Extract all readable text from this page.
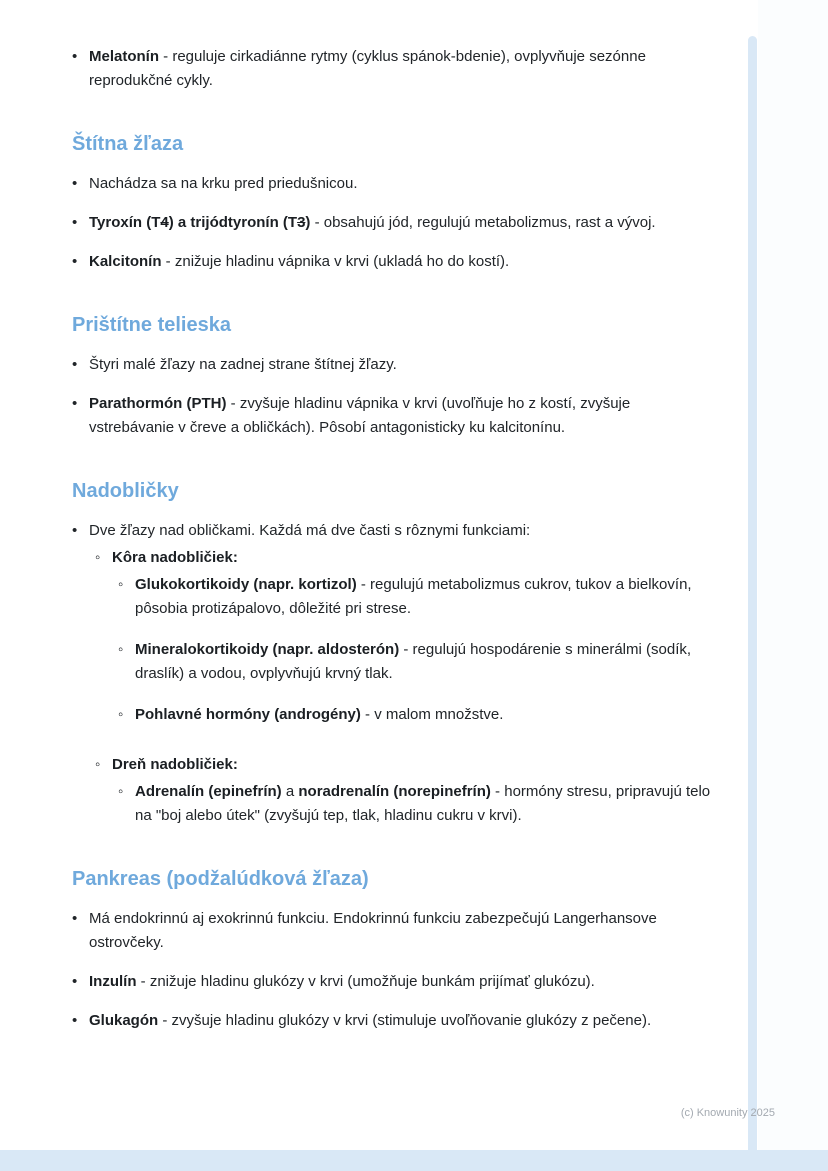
• Melatonín - reguluje cirkadiánne rytmy (cyklus spánok-bdenie), ovplyvňuje sezónne reprodukčné cykly.
Štítna žľaza
• Nachádza sa na krku pred priedušnicou.
• Tyroxín (T4) a trijódtyronín (T3) - obsahujú jód, regulujú metabolizmus, rast a vývoj.
• Kalcitonín - znižuje hladinu vápnika v krvi (ukladá ho do kostí).
Prištítne telieska
• Štyri malé žľazy na zadnej strane štítnej žľazy.
• Parathormón (PTH) - zvyšuje hladinu vápnika v krvi (uvoľňuje ho z kostí, zvyšuje vstrebávanie v čreve a obličkách). Pôsobí antagonisticky ku kalcitonínu.
Nadobličky
• Dve žľazy nad obličkami. Každá má dve časti s rôznymi funkciami:
◦ Kôra nadobličiek:
◦ Glukokortikoidy (napr. kortizol) - regulujú metabolizmus cukrov, tukov a bielkovín, pôsobia protizápalovo, dôležité pri strese.
◦ Mineralokortikoidy (napr. aldosterón) - regulujú hospodárenie s minerálmi (sodík, draslík) a vodou, ovplyvňujú krvný tlak.
◦ Pohlavné hormóny (androgény) - v malom množstve.
◦ Dreň nadobličiek:
◦ Adrenalín (epinefrín) a noradrenalín (norepinefrín) - hormóny stresu, pripravujú telo na "boj alebo útek" (zvyšujú tep, tlak, hladinu cukru v krvi).
Pankreas (podžalúdková žľaza)
• Má endokrinnú aj exokrinnú funkciu. Endokrinnú funkciu zabezpečujú Langerhansove ostrovčeky.
• Inzulín - znižuje hladinu glukózy v krvi (umožňuje bunkám prijímať glukózu).
• Glukagón - zvyšuje hladinu glukózy v krvi (stimuluje uvoľňovanie glukózy z pečene).
(c) Knowunity 2025
